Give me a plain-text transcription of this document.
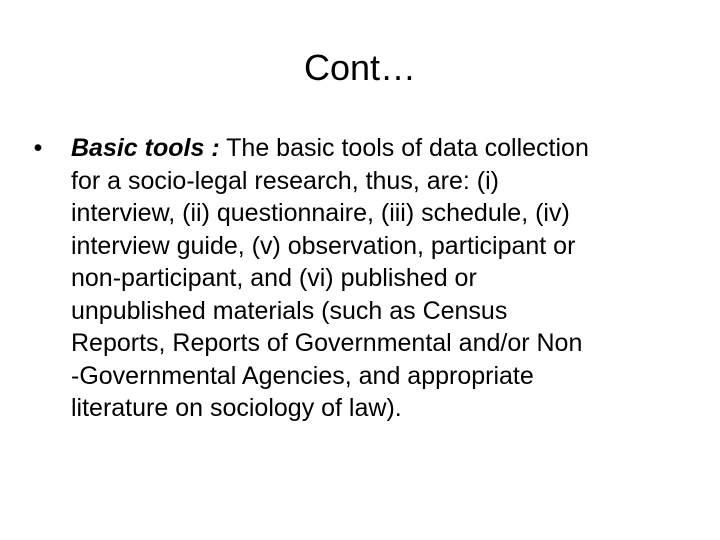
Cont…
• Basic tools : The basic tools of data collection
for a socio-legal research, thus, are: (i)
interview, (ii) questionnaire, (iii) schedule, (iv)
interview guide, (v) observation, participant or
non-participant, and (vi) published or
unpublished materials (such as Census
Reports, Reports of Governmental and/or Non
-Governmental Agencies, and appropriate
literature on sociology of law).
